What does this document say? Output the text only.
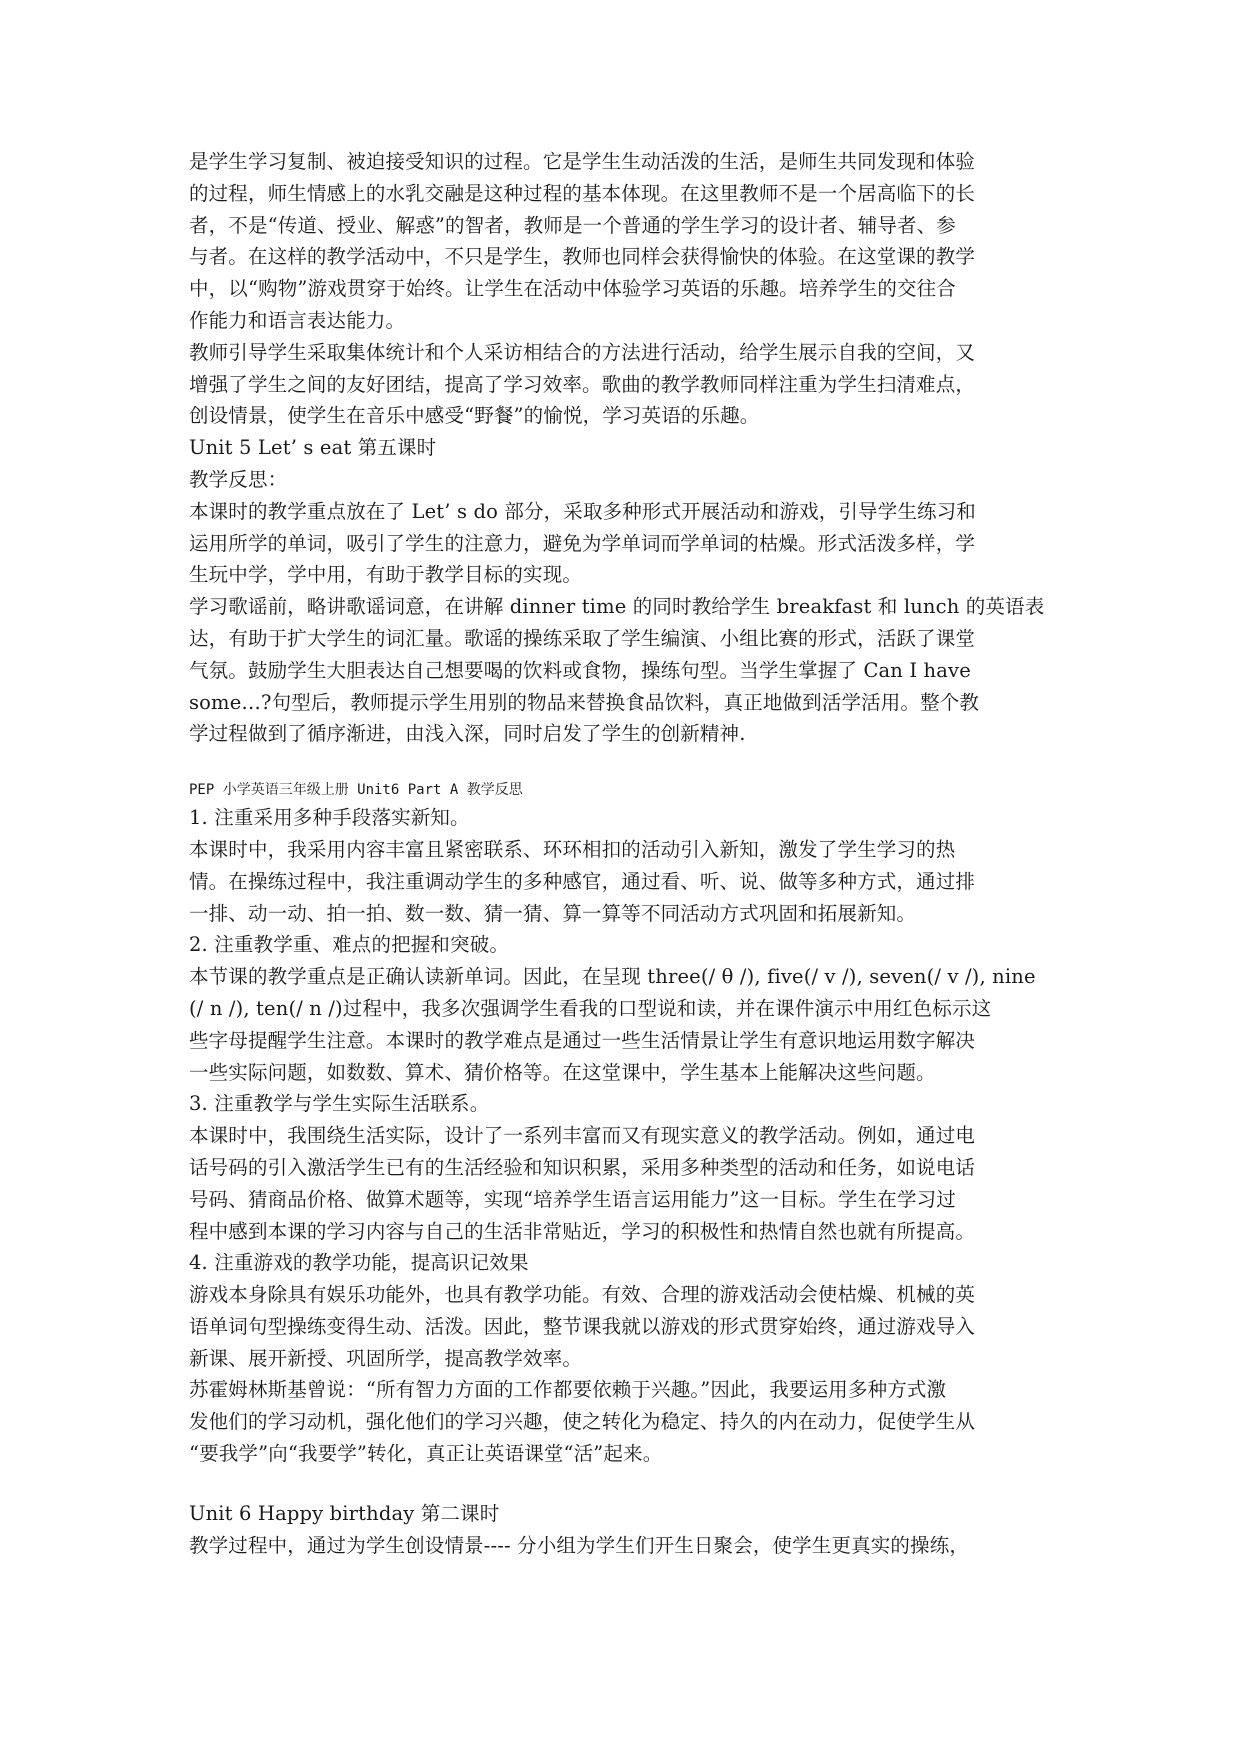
是学生学习复制、被迫接受知识的过程。它是学生生动活泼的生活，是师生共同发现和体验
的过程，师生情感上的水乳交融是这种过程的基本体现。在这里教师不是一个居高临下的长
者，不是“传道、授业、解惑”的智者，教师是一个普通的学生学习的设计者、辅导者、参
与者。在这样的教学活动中，不只是学生，教师也同样会获得愉快的体验。在这堂课的教学
中，以“购物”游戏贯穿于始终。让学生在活动中体验学习英语的乐趣。培养学生的交往合
作能力和语言表达能力。
教师引导学生采取集体统计和个人采访相结合的方法进行活动，给学生展示自我的空间，又
增强了学生之间的友好团结，提高了学习效率。歌曲的教学教师同样注重为学生扫清难点，
创设情景，使学生在音乐中感受“野餐”的愉悦，学习英语的乐趣。
Unit 5 Let’ s eat 第五课时
教学反思：
本课时的教学重点放在了 Let’ s do 部分，采取多种形式开展活动和游戏，引导学生练习和
运用所学的单词，吸引了学生的注意力，避免为学单词而学单词的枯燥。形式活泼多样，学
生玩中学，学中用，有助于教学目标的实现。
学习歌谣前，略讲歌谣词意，在讲解 dinner time 的同时教给学生 breakfast 和 lunch 的英语表
达，有助于扩大学生的词汇量。歌谣的操练采取了学生编演、小组比赛的形式，活跃了课堂
气氛。鼓励学生大胆表达自己想要喝的饮料或食物，操练句型。当学生掌握了 Can I have
some…?句型后，教师提示学生用别的物品来替换食品饮料，真正地做到活学活用。整个教
学过程做到了循序渐进，由浅入深，同时启发了学生的创新精神.
PEP 小学英语三年级上册 Unit6 Part A 教学反思
1. 注重采用多种手段落实新知。
本课时中，我采用内容丰富且紧密联系、环环相扣的活动引入新知，激发了学生学习的热
情。在操练过程中，我注重调动学生的多种感官，通过看、听、说、做等多种方式，通过排
一排、动一动、拍一拍、数一数、猜一猜、算一算等不同活动方式巩固和拓展新知。
2. 注重教学重、难点的把握和突破。
本节课的教学重点是正确认读新单词。因此，在呈现 three(/ θ /), five(/ v /), seven(/ v /), nine
(/ n /), ten(/ n /)过程中，我多次强调学生看我的口型说和读，并在课件演示中用红色标示这
些字母提醒学生注意。本课时的教学难点是通过一些生活情景让学生有意识地运用数字解决
一些实际问题，如数数、算术、猜价格等。在这堂课中，学生基本上能解决这些问题。
3. 注重教学与学生实际生活联系。
本课时中，我围绕生活实际，设计了一系列丰富而又有现实意义的教学活动。例如，通过电
话号码的引入激活学生已有的生活经验和知识积累，采用多种类型的活动和任务，如说电话
号码、猜商品价格、做算术题等，实现“培养学生语言运用能力”这一目标。学生在学习过
程中感到本课的学习内容与自己的生活非常贴近，学习的积极性和热情自然也就有所提高。
4. 注重游戏的教学功能，提高识记效果
游戏本身除具有娱乐功能外，也具有教学功能。有效、合理的游戏活动会使枯燥、机械的英
语单词句型操练变得生动、活泼。因此，整节课我就以游戏的形式贯穿始终，通过游戏导入
新课、展开新授、巩固所学，提高教学效率。
苏霍姆林斯基曾说：“所有智力方面的工作都要依赖于兴趣。”因此，我要运用多种方式激
发他们的学习动机，强化他们的学习兴趣，使之转化为稳定、持久的内在动力，促使学生从
“要我学”向“我要学”转化，真正让英语课堂“活”起来。
Unit 6 Happy birthday 第二课时
教学过程中，通过为学生创设情景---- 分小组为学生们开生日聚会，使学生更真实的操练，
